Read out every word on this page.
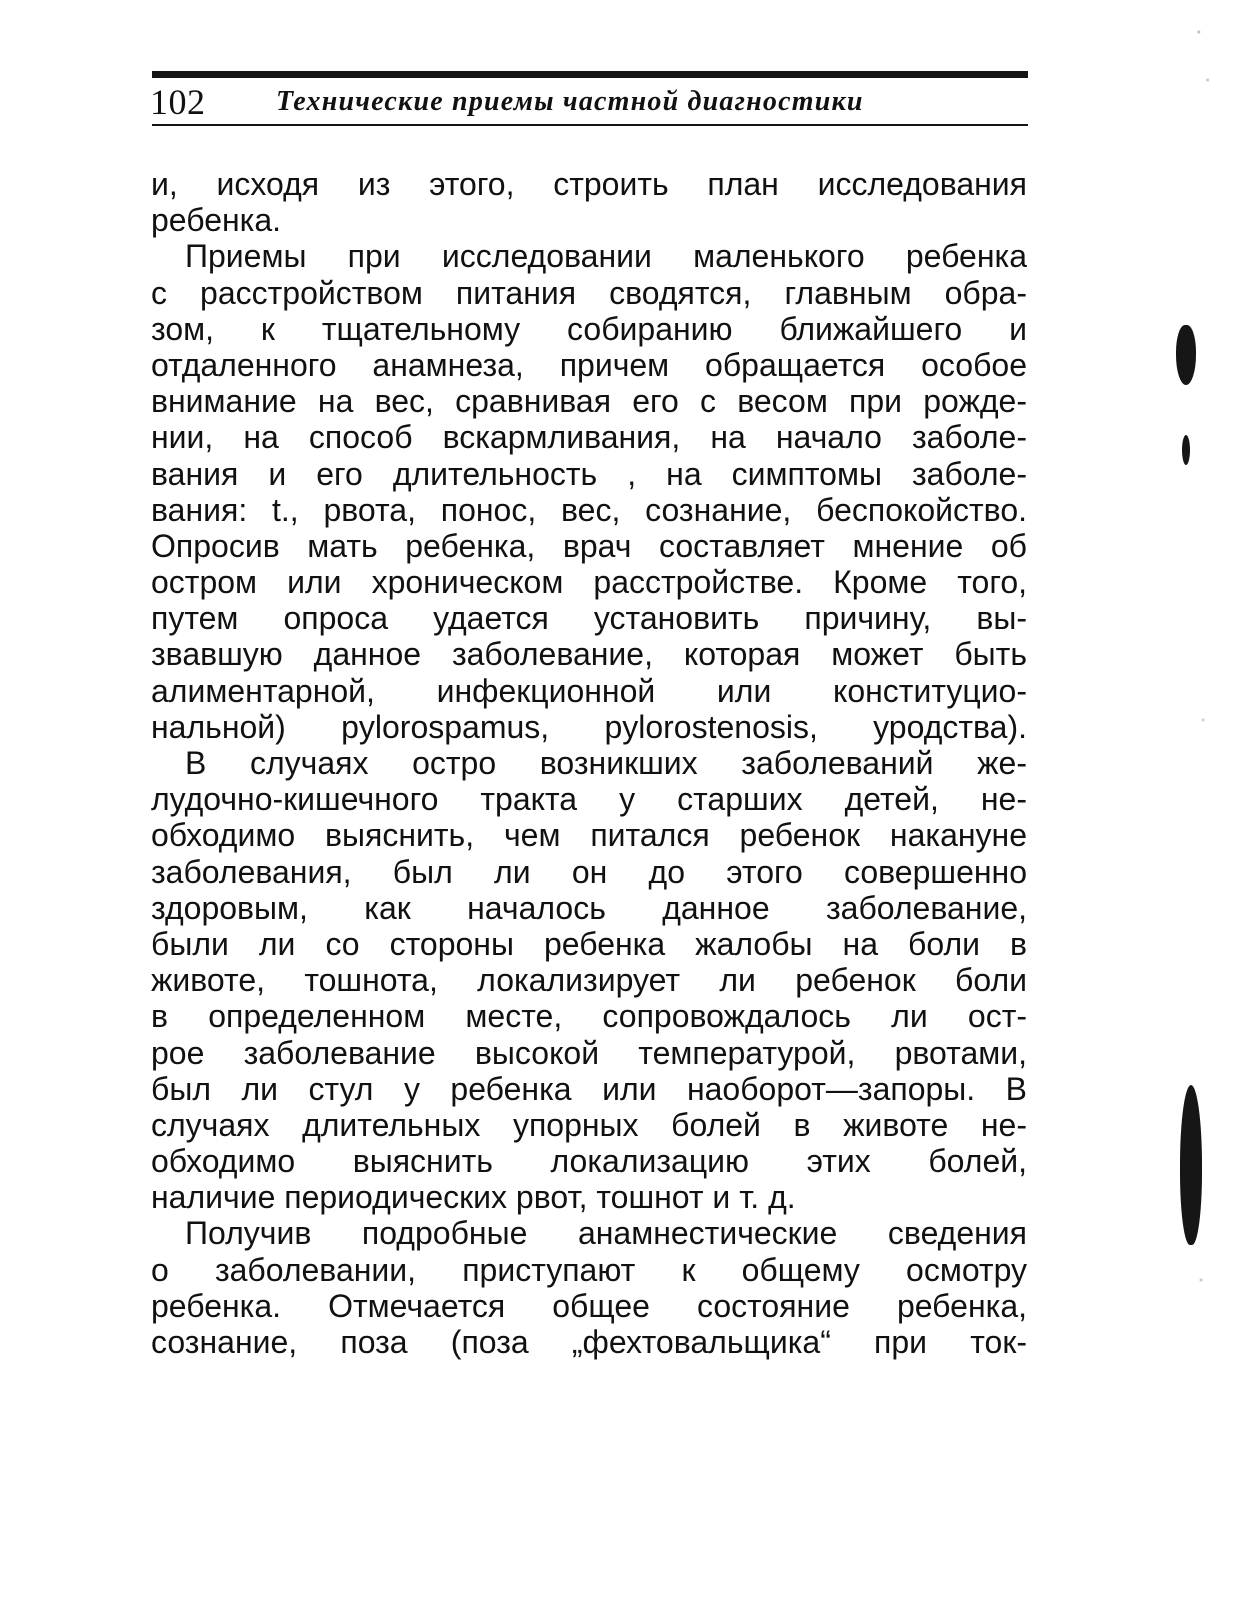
102	Технические приемы частной диагностики
и, исходя из этого, строить план исследования
ребенка.
Приемы при исследовании маленького ребенка
с расстройством питания сводятся, главным обра-
зом, к тщательному собиранию ближайшего и
отдаленного анамнеза, причем обращается особое
внимание на вес, сравнивая его с весом при рожде-
нии, на способ вскармливания, на начало заболе-
вания и его длительность , на симптомы заболе-
вания: t., рвота, понос, вес, сознание, беспокойство.
Опросив мать ребенка, врач составляет мнение об
остром или хроническом расстройстве. Кроме того,
путем опроса удается установить причину, вы-
звавшую данное заболевание, которая может быть
алиментарной, инфекционной или конституцио-
нальной) pylorospamus, pylorostenosis, уродства).
В случаях остро возникших заболеваний же-
лудочно-кишечного тракта у старших детей, не-
обходимо выяснить, чем питался ребенок накануне
заболевания, был ли он до этого совершенно
здоровым, как началось данное заболевание,
были ли со стороны ребенка жалобы на боли в
животе, тошнота, локализирует ли ребенок боли
в определенном месте, сопровождалось ли ост-
рое заболевание высокой температурой, рвотами,
был ли стул у ребенка или наоборот—запоры. В
случаях длительных упорных болей в животе не-
обходимо выяснить локализацию этих болей,
наличие периодических рвот, тошнот и т. д.
Получив подробные анамнестические сведения
о заболевании, приступают к общему осмотру
ребенка. Отмечается общее состояние ребенка,
сознание, поза (поза „фехтовальщика“ при ток-
